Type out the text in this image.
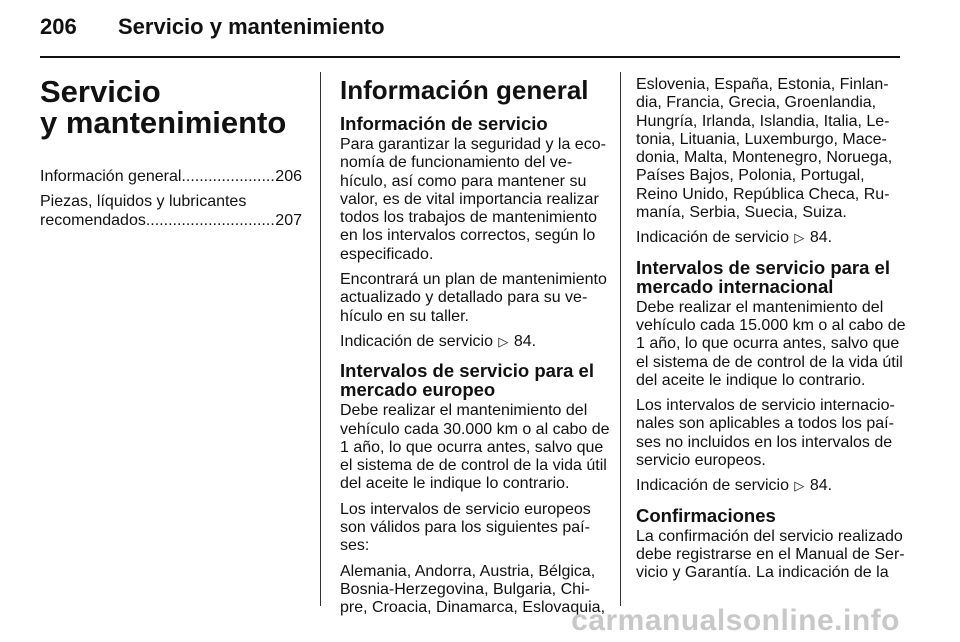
206 Servicio y mantenimiento
Servicio
y mantenimiento
Información general .....	206
Piezas, líquidos y lubricantes
recomendados .....	207
Información general
Información de servicio

Para garantizar la seguridad y la eco-
nomía de funcionamiento del ve-
hículo, así como para mantener su
valor, es de vital importancia realizar
todos los trabajos de mantenimiento
en los intervalos correctos, según lo
especificado.

Encontrará un plan de mantenimiento
actualizado y detallado para su ve-
hículo en su taller.

Indicación de servicio ▷ 84.

Intervalos de servicio para el
mercado europeo

Debe realizar el mantenimiento del
vehículo cada 30.000 km o al cabo de
1 año, lo que ocurra antes, salvo que
el sistema de de control de la vida útil
del aceite le indique lo contrario.

Los intervalos de servicio europeos
son válidos para los siguientes paí-
ses:

Alemania, Andorra, Austria, Bélgica,
Bosnia-Herzegovina, Bulgaria, Chi-
pre, Croacia, Dinamarca, Eslovaquia,

Eslovenia, España, Estonia, Finlan-
dia, Francia, Grecia, Groenlandia,
Hungría, Irlanda, Islandia, Italia, Le-
tonia, Lituania, Luxemburgo, Mace-
donia, Malta, Montenegro, Noruega,
Países Bajos, Polonia, Portugal,
Reino Unido, República Checa, Ru-
manía, Serbia, Suecia, Suiza.

Indicación de servicio ▷ 84.

Intervalos de servicio para el
mercado internacional

Debe realizar el mantenimiento del
vehículo cada 15.000 km o al cabo de
1 año, lo que ocurra antes, salvo que
el sistema de de control de la vida útil
del aceite le indique lo contrario.

Los intervalos de servicio internacio-
nales son aplicables a todos los paí-
ses no incluidos en los intervalos de
servicio europeos.

Indicación de servicio ▷ 84.

Confirmaciones

La confirmación del servicio realizado
debe registrarse en el Manual de Ser-
vicio y Garantía. La indicación de la

carmanualsonline.info
